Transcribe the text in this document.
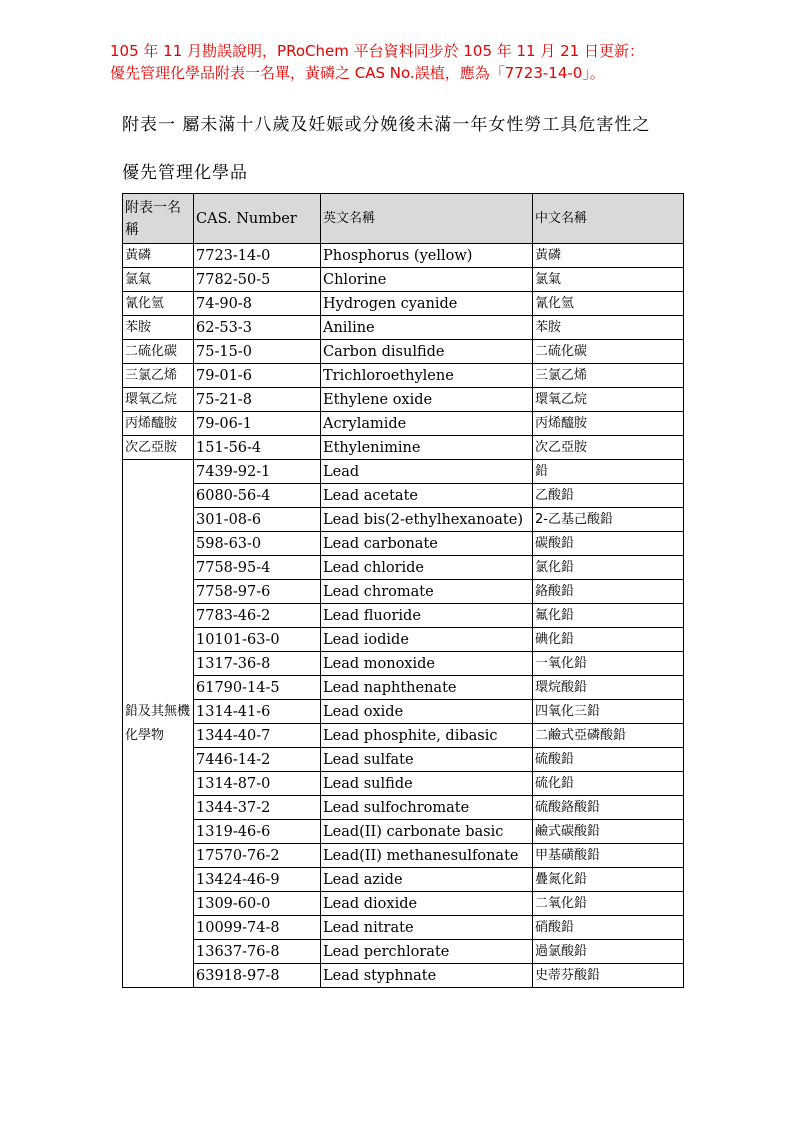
105 年 11 月勘誤說明，PRoChem 平台資料同步於 105 年 11 月 21 日更新：
優先管理化學品附表一名單，黃磷之 CAS No.誤植，應為「7723-14-0」。
附表一 屬未滿十八歲及妊娠或分娩後未滿一年女性勞工具危害性之
優先管理化學品
附表一名稱	CAS. Number	英文名稱	中文名稱
黃磷	7723-14-0	Phosphorus (yellow)	黃磷
氯氣	7782-50-5	Chlorine	氯氣
氰化氫	74-90-8	Hydrogen cyanide	氰化氫
苯胺	62-53-3	Aniline	苯胺
二硫化碳	75-15-0	Carbon disulfide	二硫化碳
三氯乙烯	79-01-6	Trichloroethylene	三氯乙烯
環氧乙烷	75-21-8	Ethylene oxide	環氧乙烷
丙烯醯胺	79-06-1	Acrylamide	丙烯醯胺
次乙亞胺	151-56-4	Ethylenimine	次乙亞胺
鉛及其無機化學物	7439-92-1	Lead	鉛
	6080-56-4	Lead acetate	乙酸鉛
	301-08-6	Lead bis(2-ethylhexanoate)	2-乙基己酸鉛
	598-63-0	Lead carbonate	碳酸鉛
	7758-95-4	Lead chloride	氯化鉛
	7758-97-6	Lead chromate	鉻酸鉛
	7783-46-2	Lead fluoride	氟化鉛
	10101-63-0	Lead iodide	碘化鉛
	1317-36-8	Lead monoxide	一氧化鉛
	61790-14-5	Lead naphthenate	環烷酸鉛
	1314-41-6	Lead oxide	四氧化三鉛
	1344-40-7	Lead phosphite, dibasic	二鹼式亞磷酸鉛
	7446-14-2	Lead sulfate	硫酸鉛
	1314-87-0	Lead sulfide	硫化鉛
	1344-37-2	Lead sulfochromate	硫酸鉻酸鉛
	1319-46-6	Lead(II) carbonate basic	鹼式碳酸鉛
	17570-76-2	Lead(II) methanesulfonate	甲基磺酸鉛
	13424-46-9	Lead azide	疊氮化鉛
	1309-60-0	Lead dioxide	二氧化鉛
	10099-74-8	Lead nitrate	硝酸鉛
	13637-76-8	Lead perchlorate	過氯酸鉛
	63918-97-8	Lead styphnate	史蒂芬酸鉛
